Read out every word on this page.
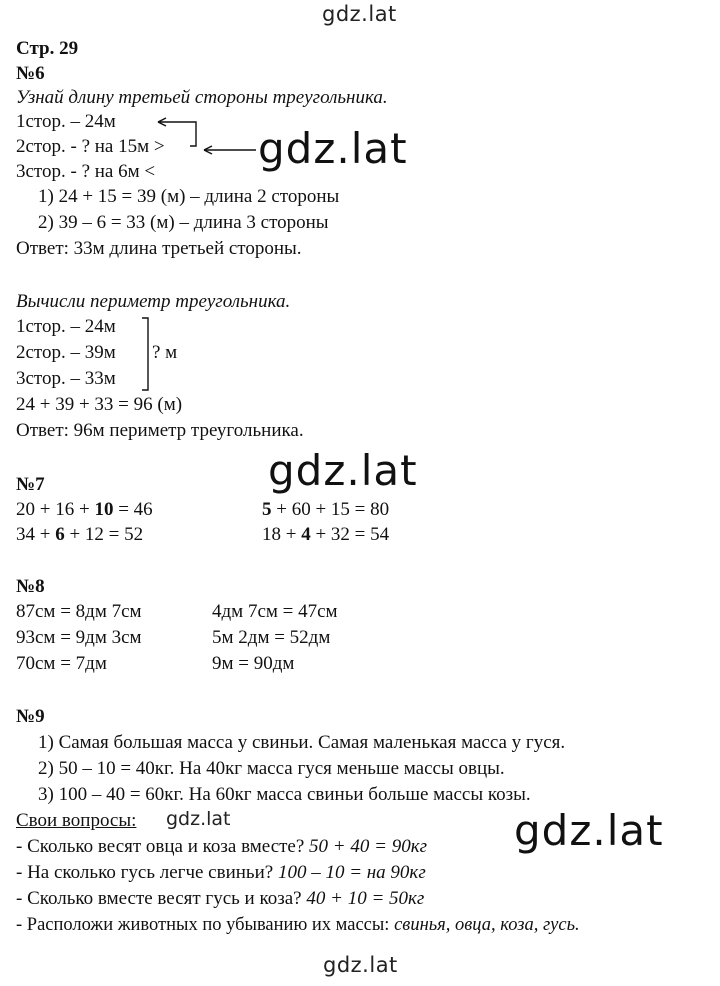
gdz.lat
gdz.lat
gdz.lat
gdz.lat
gdz.lat
Стр. 29
№6
Узнай длину третьей стороны треугольника.
1стор. – 24м
2стор. - ? на 15м >
3стор. - ? на 6м <
1) 24 + 15 = 39 (м) – длина 2 стороны
2) 39 – 6 = 33 (м) – длина 3 стороны
Ответ: 33м длина третьей стороны.
Вычисли периметр треугольника.
1стор. – 24м
2стор. – 39м ? м
3стор. – 33м
24 + 39 + 33 = 96 (м)
Ответ: 96м периметр треугольника.
№7
20 + 16 + 10 = 46	5 + 60 + 15 = 80
34 + 6 + 12 = 52	18 + 4 + 32 = 54
№8
87см = 8дм 7см	4дм 7см = 47см
93см = 9дм 3см	5м 2дм = 52дм
70см = 7дм	9м = 90дм
№9
1) Самая большая масса у свиньи. Самая маленькая масса у гуся.
2) 50 – 10 = 40кг. На 40кг масса гуся меньше массы овцы.
3) 100 – 40 = 60кг. На 60кг масса свиньи больше массы козы.
Свои вопросы: gdz.lat
- Сколько весят овца и коза вместе? 50 + 40 = 90кг
- На сколько гусь легче свиньи? 100 – 10 = на 90кг
- Сколько вместе весят гусь и коза? 40 + 10 = 50кг
- Расположи животных по убыванию их массы: свинья, овца, коза, гусь.
